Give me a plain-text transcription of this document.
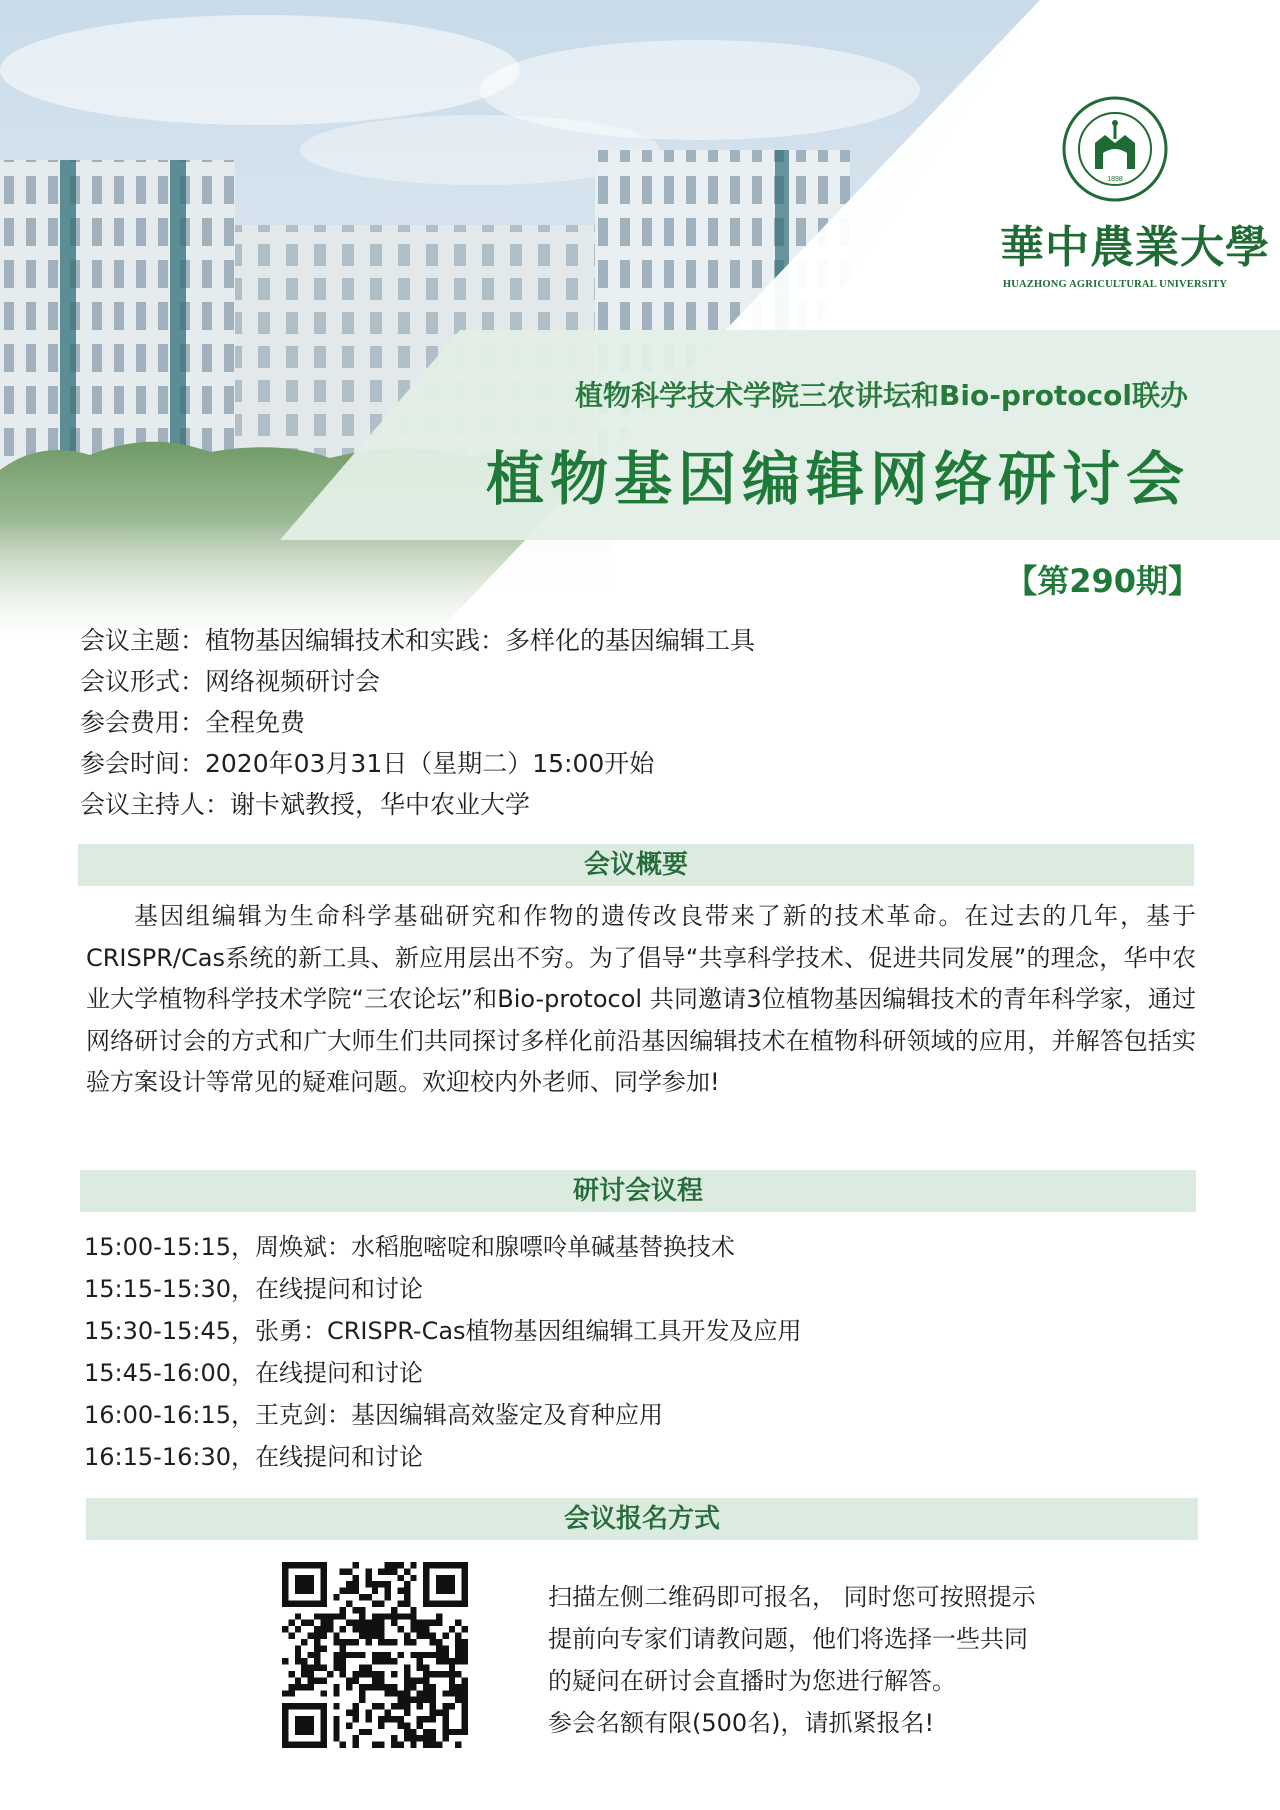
1898
華中農業大學
HUAZHONG AGRICULTURAL UNIVERSITY
植物科学技术学院三农讲坛和Bio-protocol联办
植物基因编辑网络研讨会
【第290期】
会议主题：植物基因编辑技术和实践：多样化的基因编辑工具
会议形式：网络视频研讨会
参会费用：全程免费
参会时间：2020年03月31日（星期二）15:00开始
会议主持人：谢卡斌教授，华中农业大学
会议概要
基因组编辑为生命科学基础研究和作物的遗传改良带来了新的技术革命。在过去的几年，基于CRISPR/Cas系统的新工具、新应用层出不穷。为了倡导“共享科学技术、促进共同发展”的理念，华中农业大学植物科学技术学院“三农论坛”和Bio-protocol 共同邀请3位植物基因编辑技术的青年科学家，通过网络研讨会的方式和广大师生们共同探讨多样化前沿基因编辑技术在植物科研领域的应用，并解答包括实验方案设计等常见的疑难问题。欢迎校内外老师、同学参加!
研讨会议程
15:00-15:15，周焕斌：水稻胞嘧啶和腺嘌呤单碱基替换技术
15:15-15:30，在线提问和讨论
15:30-15:45，张勇：CRISPR-Cas植物基因组编辑工具开发及应用
15:45-16:00，在线提问和讨论
16:00-16:15，王克剑：基因编辑高效鉴定及育种应用
16:15-16:30，在线提问和讨论
会议报名方式
扫描左侧二维码即可报名， 同时您可按照提示
提前向专家们请教问题，他们将选择一些共同
的疑问在研讨会直播时为您进行解答。
参会名额有限(500名)，请抓紧报名!
